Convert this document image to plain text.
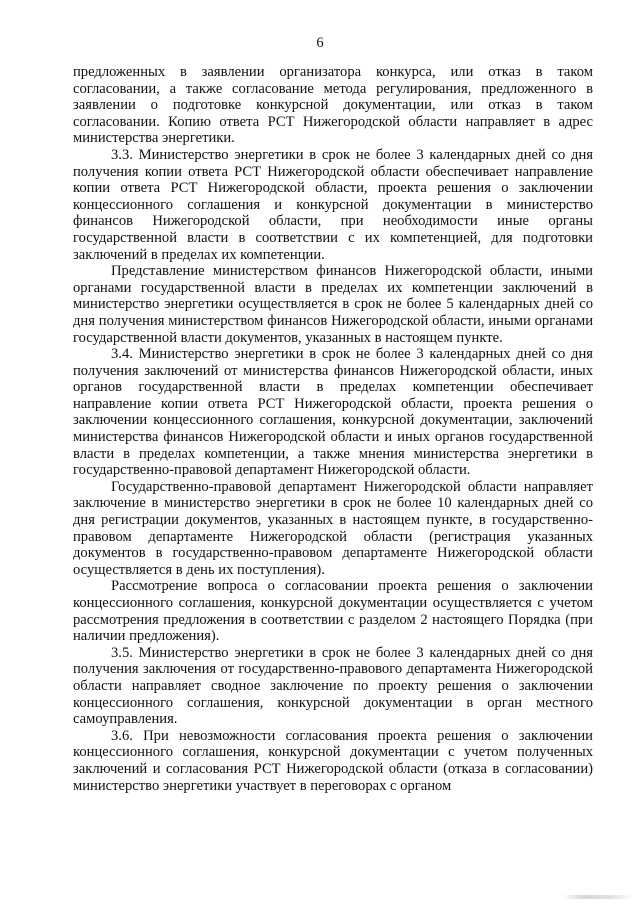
6

предложенных в заявлении организатора конкурса, или отказ в таком согласовании, а также согласование метода регулирования, предложенного в заявлении о подготовке конкурсной документации, или отказ в таком согласовании. Копию ответа РСТ Нижегородской области направляет в адрес министерства энергетики.

3.3. Министерство энергетики в срок не более 3 календарных дней со дня получения копии ответа РСТ Нижегородской области обеспечивает направление копии ответа РСТ Нижегородской области, проекта решения о заключении концессионного соглашения и конкурсной документации в министерство финансов Нижегородской области, при необходимости иные органы государственной власти в соответствии с их компетенцией, для подготовки заключений в пределах их компетенции.

Представление министерством финансов Нижегородской области, иными органами государственной власти в пределах их компетенции заключений в министерство энергетики осуществляется в срок не более 5 календарных дней со дня получения министерством финансов Нижегородской области, иными органами государственной власти документов, указанных в настоящем пункте.

3.4. Министерство энергетики в срок не более 3 календарных дней со дня получения заключений от министерства финансов Нижегородской области, иных органов государственной власти в пределах компетенции обеспечивает направление копии ответа РСТ Нижегородской области, проекта решения о заключении концессионного соглашения, конкурсной документации, заключений министерства финансов Нижегородской области и иных органов государственной власти в пределах компетенции, а также мнения министерства энергетики в государственно-правовой департамент Нижегородской области.

Государственно-правовой департамент Нижегородской области направляет заключение в министерство энергетики в срок не более 10 календарных дней со дня регистрации документов, указанных в настоящем пункте, в государственно-правовом департаменте Нижегородской области (регистрация указанных документов в государственно-правовом департаменте Нижегородской области осуществляется в день их поступления).

Рассмотрение вопроса о согласовании проекта решения о заключении концессионного соглашения, конкурсной документации осуществляется с учетом рассмотрения предложения в соответствии с разделом 2 настоящего Порядка (при наличии предложения).

3.5. Министерство энергетики в срок не более 3 календарных дней со дня получения заключения от государственно-правового департамента Нижегородской области направляет сводное заключение по проекту решения о заключении концессионного соглашения, конкурсной документации в орган местного самоуправления.

3.6. При невозможности согласования проекта решения о заключении концессионного соглашения, конкурсной документации с учетом полученных заключений и согласования РСТ Нижегородской области (отказа в согласовании) министерство энергетики участвует в переговорах с органом
